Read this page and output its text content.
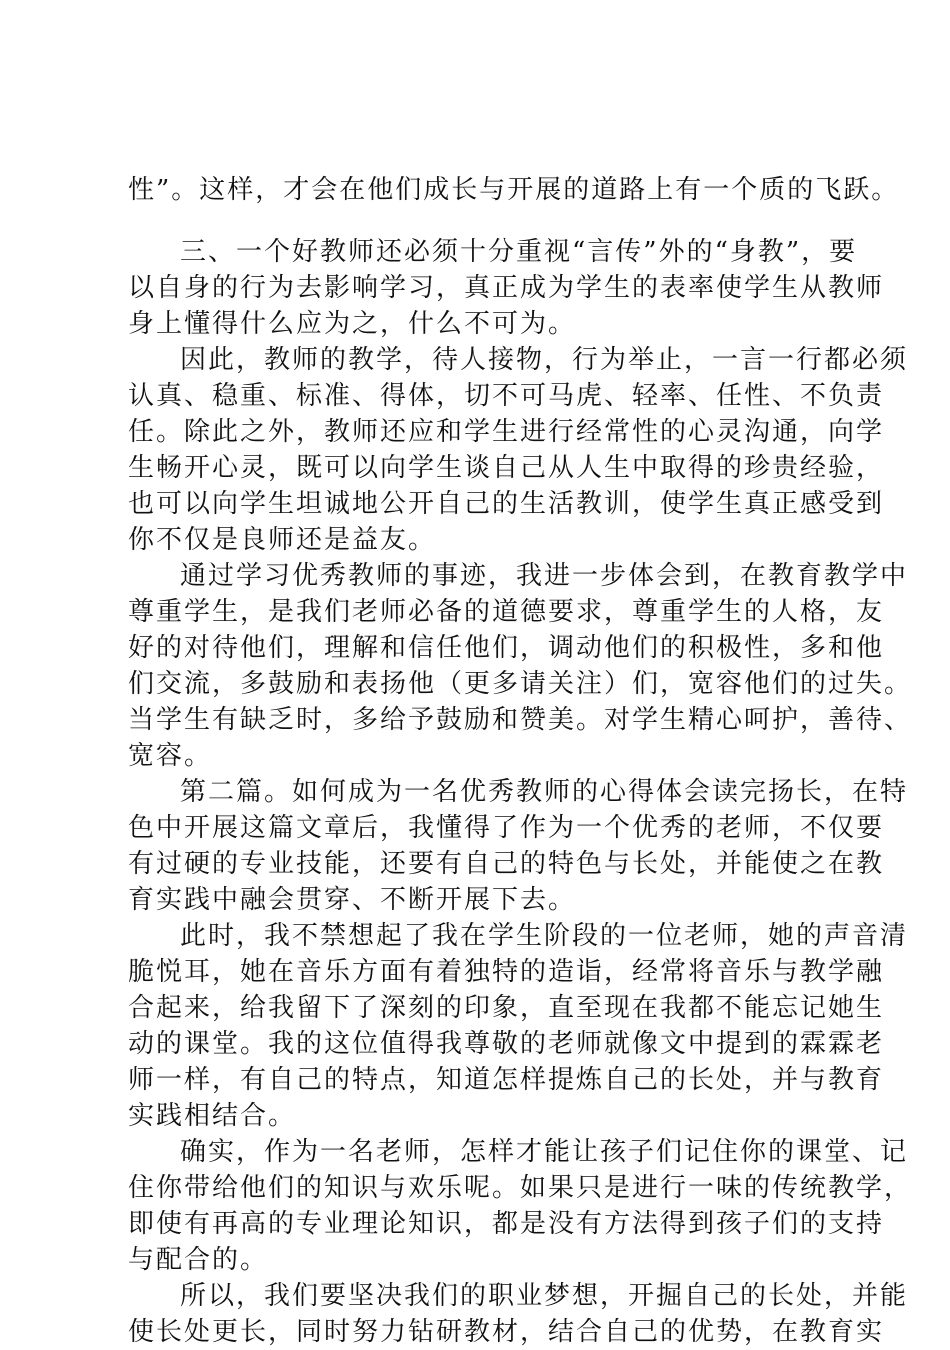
性”。这样，才会在他们成长与开展的道路上有一个质的飞跃。
三、一个好教师还必须十分重视“言传”外的“身教”，要
以自身的行为去影响学习，真正成为学生的表率使学生从教师
身上懂得什么应为之，什么不可为。
因此，教师的教学，待人接物，行为举止，一言一行都必须
认真、稳重、标准、得体，切不可马虎、轻率、任性、不负责
任。除此之外，教师还应和学生进行经常性的心灵沟通，向学
生畅开心灵，既可以向学生谈自己从人生中取得的珍贵经验，
也可以向学生坦诚地公开自己的生活教训，使学生真正感受到
你不仅是良师还是益友。
通过学习优秀教师的事迹，我进一步体会到，在教育教学中
尊重学生，是我们老师必备的道德要求，尊重学生的人格，友
好的对待他们，理解和信任他们，调动他们的积极性，多和他
们交流，多鼓励和表扬他（更多请关注）们，宽容他们的过失。
当学生有缺乏时，多给予鼓励和赞美。对学生精心呵护，善待、
宽容。
第二篇。如何成为一名优秀教师的心得体会读完扬长，在特
色中开展这篇文章后，我懂得了作为一个优秀的老师，不仅要
有过硬的专业技能，还要有自己的特色与长处，并能使之在教
育实践中融会贯穿、不断开展下去。
此时，我不禁想起了我在学生阶段的一位老师，她的声音清
脆悦耳，她在音乐方面有着独特的造诣，经常将音乐与教学融
合起来，给我留下了深刻的印象，直至现在我都不能忘记她生
动的课堂。我的这位值得我尊敬的老师就像文中提到的霖霖老
师一样，有自己的特点，知道怎样提炼自己的长处，并与教育
实践相结合。
确实，作为一名老师，怎样才能让孩子们记住你的课堂、记
住你带给他们的知识与欢乐呢。如果只是进行一味的传统教学，
即使有再高的专业理论知识，都是没有方法得到孩子们的支持
与配合的。
所以，我们要坚决我们的职业梦想，开掘自己的长处，并能
使长处更长，同时努力钻研教材，结合自己的优势，在教育实
